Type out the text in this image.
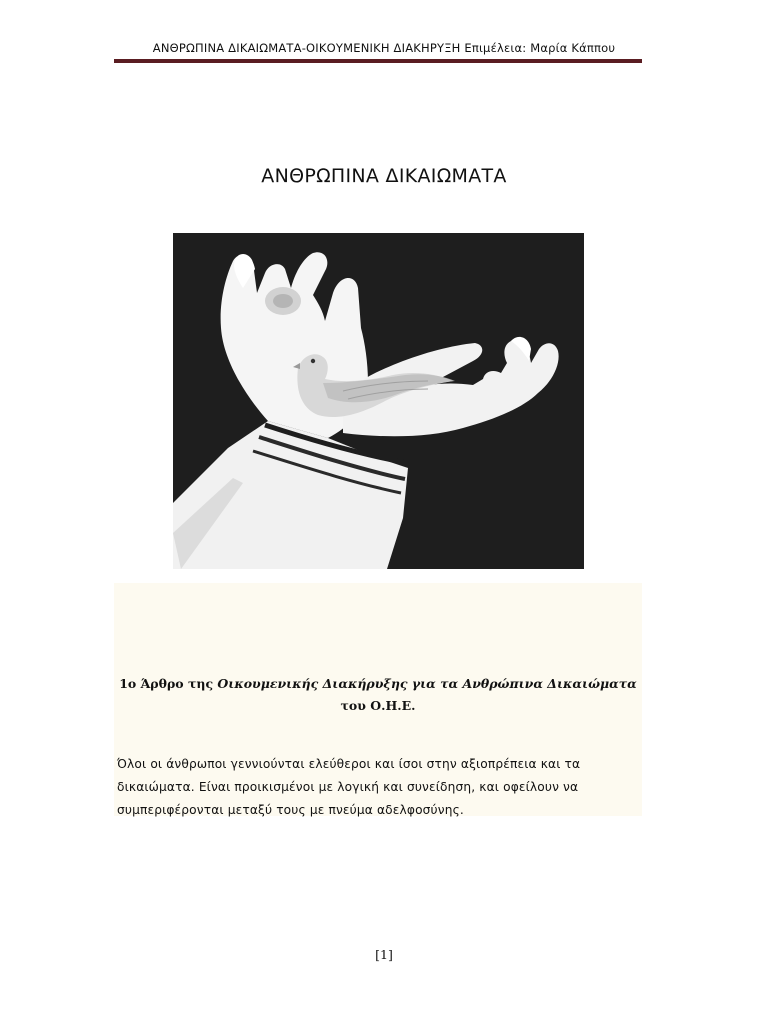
ΑΝΘΡΩΠΙΝΑ ΔΙΚΑΙΩΜΑΤΑ-ΟΙΚΟΥΜΕΝΙΚΗ ΔΙΑΚΗΡΥΞΗ Επιμέλεια: Μαρία Κάππου
ΑΝΘΡΩΠΙΝΑ ΔΙΚΑΙΩΜΑΤΑ
1ο Άρθρο της Οικουμενικής Διακήρυξης για τα Ανθρώπινα Δικαιώματα του Ο.Η.Ε.
Όλοι οι άνθρωποι γεννιούνται ελεύθεροι και ίσοι στην αξιοπρέπεια και τα δικαιώματα. Είναι προικισμένοι με λογική και συνείδηση, και οφείλουν να συμπεριφέρονται μεταξύ τους με πνεύμα αδελφοσύνης.
[1]
